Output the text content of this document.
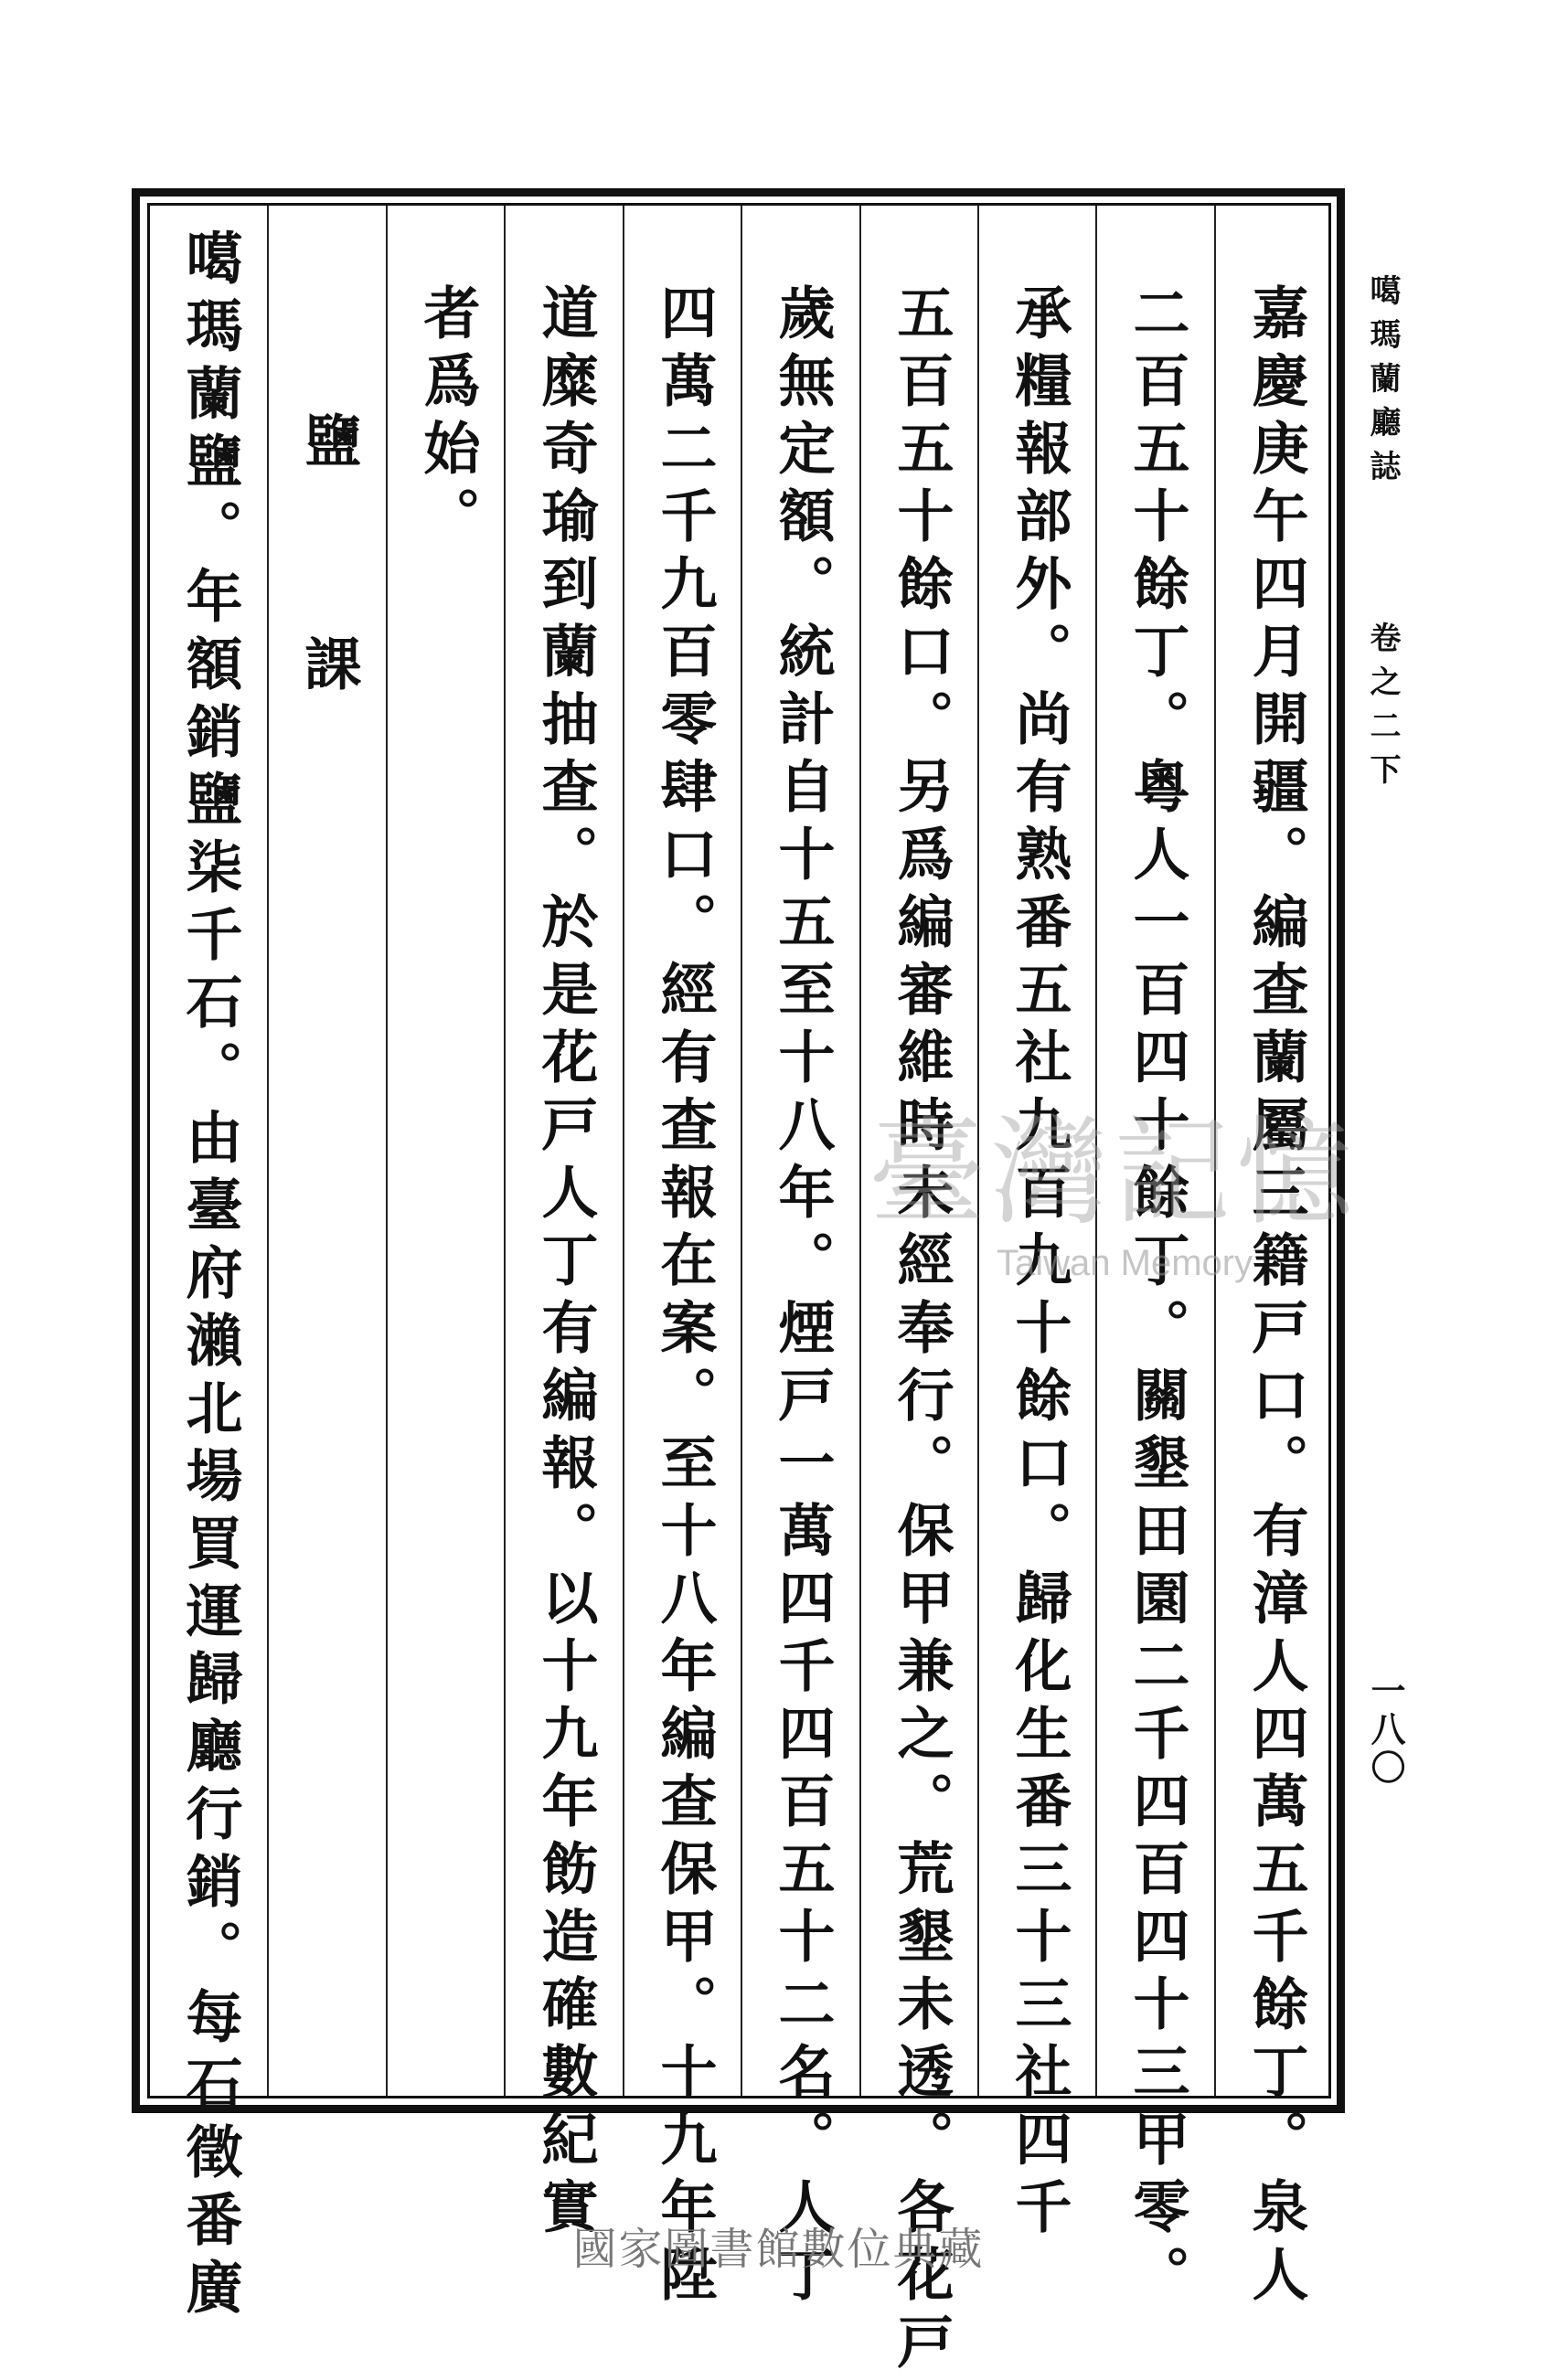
噶瑪蘭廳誌
卷之二下
一八〇
嘉慶庚午四月開疆。編查蘭屬三籍戸口。有漳人四萬五千餘丁。泉人
二百五十餘丁。粵人一百四十餘丁。關墾田園二千四百四十三甲零。
承糧報部外。尚有熟番五社九百九十餘口。歸化生番三十三社四千
五百五十餘口。另爲編審維時未經奉行。保甲兼之。荒墾未透。各花戸
歲無定額。統計自十五至十八年。煙戸一萬四千四百五十二名。人丁
四萬二千九百零肆口。經有查報在案。至十八年編查保甲。十九年陞
道糜奇瑜到蘭抽查。於是花戸人丁有編報。以十九年飭造確數紀實
者爲始。
鹽　課
噶瑪蘭鹽。年額銷鹽柒千石。由臺府瀨北場買運歸廳行銷。每石徵番廣	臺灣記憶
Taiwan Memory
國家圖書館數位典藏
